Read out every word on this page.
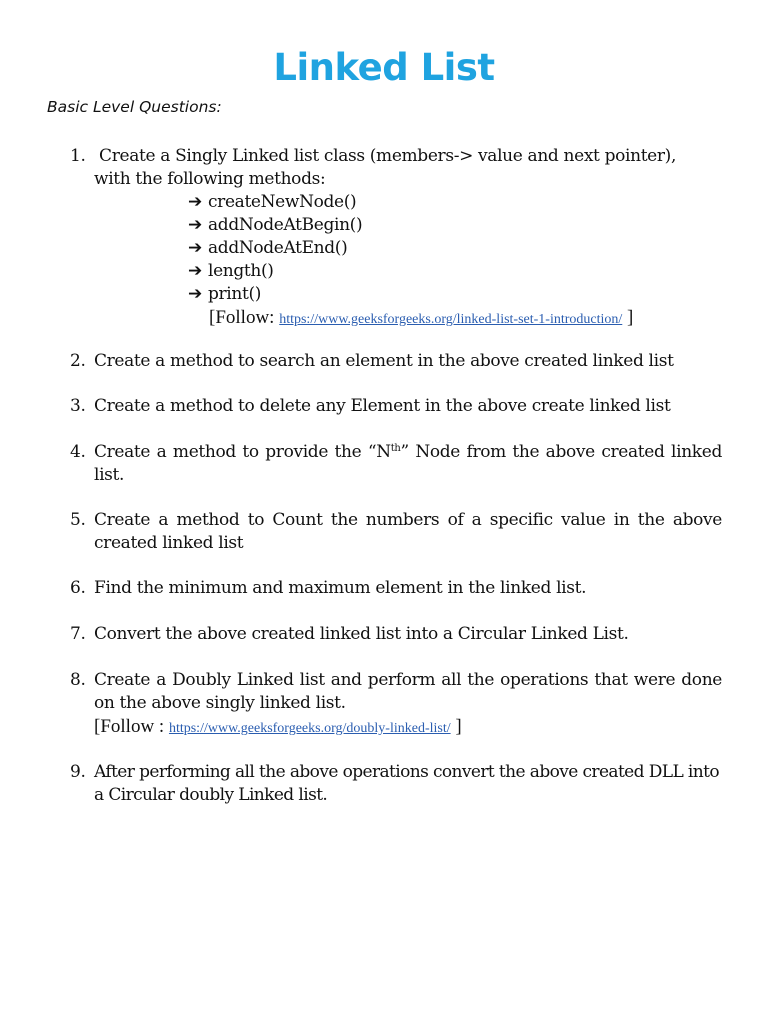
Linked List
Basic Level Questions:
1. Create a Singly Linked list class (members-> value and next pointer),
with the following methods:
➔ createNewNode()
➔ addNodeAtBegin()
➔ addNodeAtEnd()
➔ length()
➔ print()
[Follow: https://www.geeksforgeeks.org/linked-list-set-1-introduction/ ]
2. Create a method to search an element in the above created linked list
3. Create a method to delete any Element in the above create linked list
4. Create a method to provide the “$N^{th}$” Node from the above created linked list.
5. Create a method to Count the numbers of a specific value in the above created linked list
6. Find the minimum and maximum element in the linked list.
7. Convert the above created linked list into a Circular Linked List.
8. Create a Doubly Linked list and perform all the operations that were done on the above singly linked list.
[Follow : https://www.geeksforgeeks.org/doubly-linked-list/ ]
9. After performing all the above operations convert the above created DLL into a Circular doubly Linked list.
